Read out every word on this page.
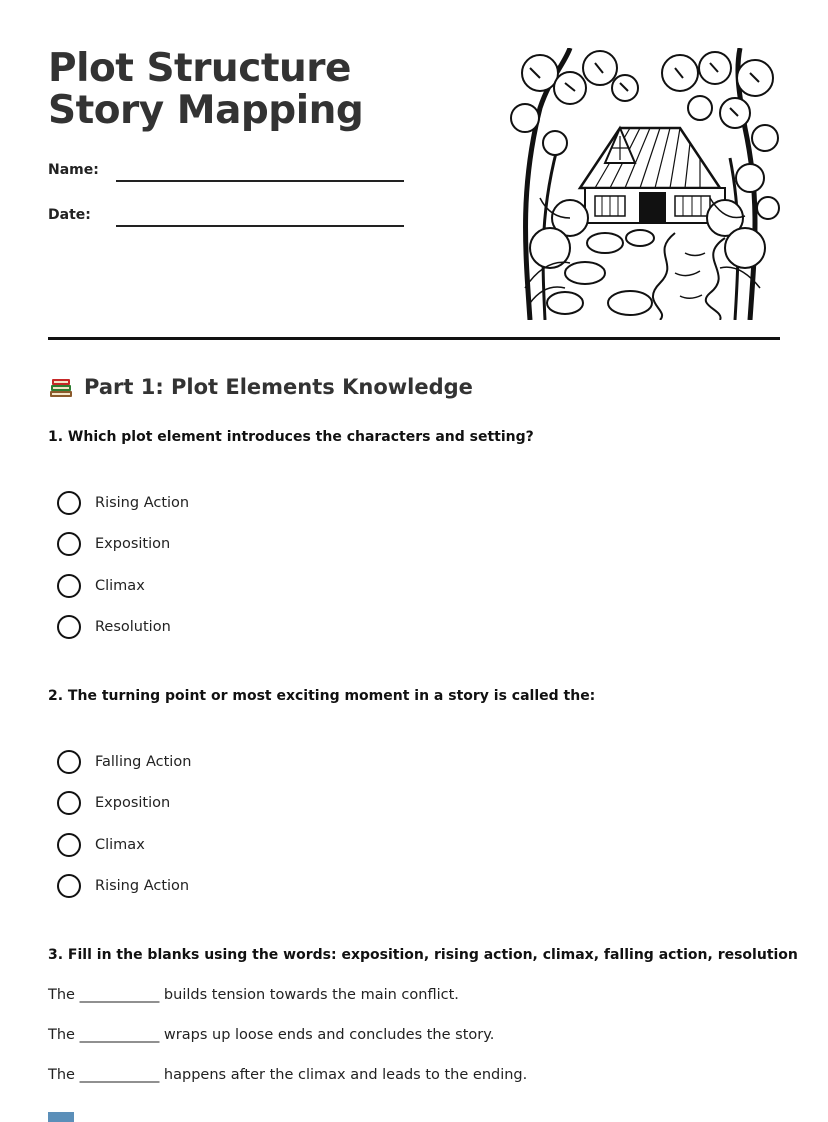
Plot Structure Story Mapping
Name:
Date:
Part 1: Plot Elements Knowledge
1. Which plot element introduces the characters and setting?
Rising Action
Exposition
Climax
Resolution
2. The turning point or most exciting moment in a story is called the:
Falling Action
Exposition
Climax
Rising Action
3. Fill in the blanks using the words: exposition, rising action, climax, falling action, resolution
The ___________ builds tension towards the main conflict.
The ___________ wraps up loose ends and concludes the story.
The ___________ happens after the climax and leads to the ending.
